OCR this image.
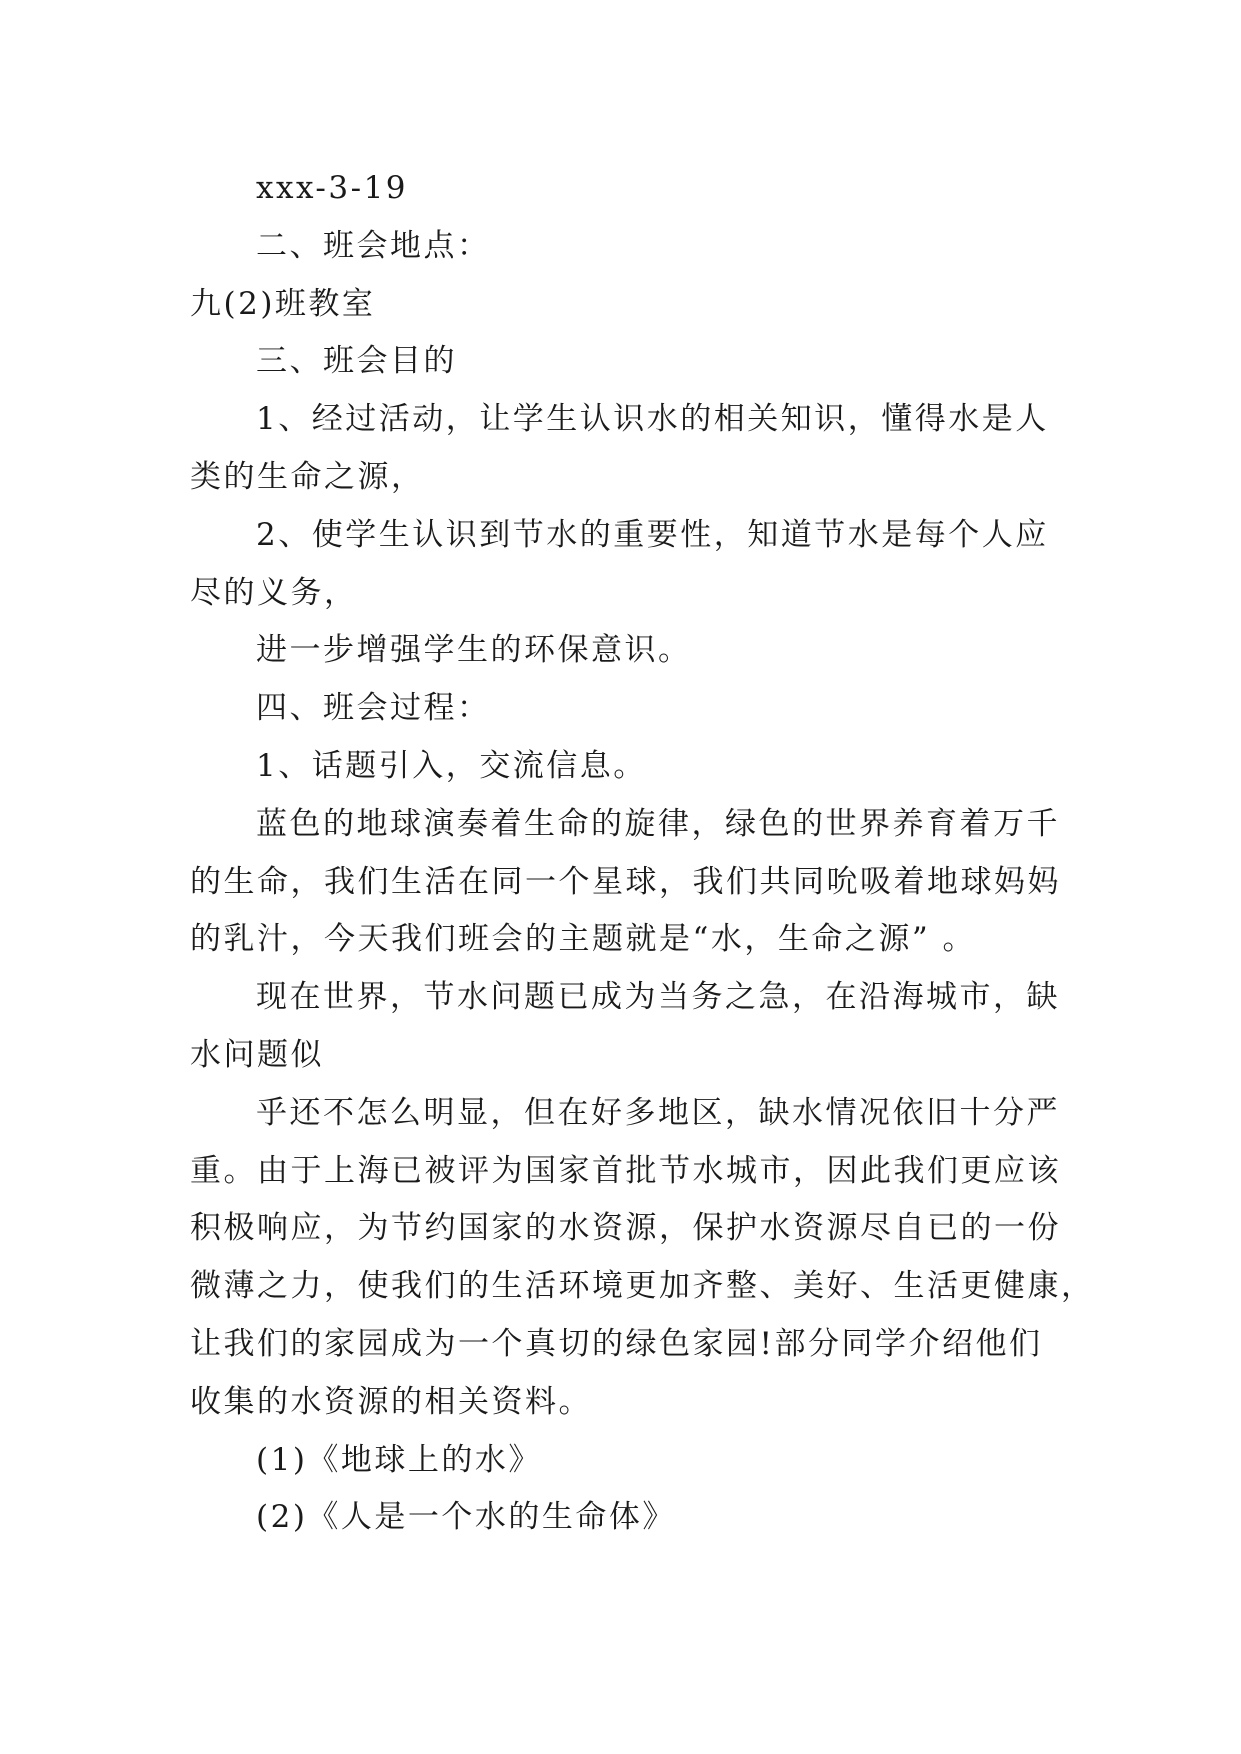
xxx-3-19
二、班会地点：
九(2)班教室
三、班会目的
1、经过活动，让学生认识水的相关知识，懂得水是人
类的生命之源，
2、使学生认识到节水的重要性，知道节水是每个人应
尽的义务，
进一步增强学生的环保意识。
四、班会过程：
1、话题引入，交流信息。
蓝色的地球演奏着生命的旋律，绿色的世界养育着万千
的生命，我们生活在同一个星球，我们共同吮吸着地球妈妈
的乳汁，今天我们班会的主题就是“水，生命之源” 。
现在世界，节水问题已成为当务之急，在沿海城市，缺
水问题似
乎还不怎么明显，但在好多地区，缺水情况依旧十分严
重。由于上海已被评为国家首批节水城市，因此我们更应该
积极响应，为节约国家的水资源，保护水资源尽自已的一份
微薄之力，使我们的生活环境更加齐整、美好、生活更健康，
让我们的家园成为一个真切的绿色家园!部分同学介绍他们
收集的水资源的相关资料。
(1)《地球上的水》
(2)《人是一个水的生命体》
